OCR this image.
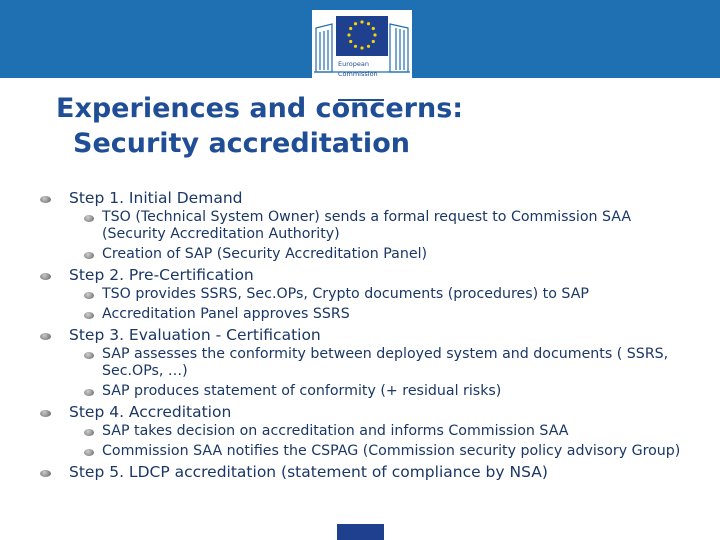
European
Commission
Experiences and concerns:
Security accreditation
Step 1. Initial Demand
TSO (Technical System Owner) sends a formal request to Commission SAA (Security Accreditation Authority)
Creation of SAP (Security Accreditation Panel)
Step 2. Pre-Certification
TSO provides SSRS, Sec.OPs, Crypto documents (procedures) to SAP
Accreditation Panel approves SSRS
Step 3. Evaluation - Certification
SAP assesses the conformity between deployed system and documents ( SSRS, Sec.OPs, …)
SAP produces statement of conformity (+ residual risks)
Step 4. Accreditation
SAP takes decision on accreditation and informs Commission SAA
Commission SAA notifies the CSPAG (Commission security policy advisory Group)
Step 5. LDCP accreditation (statement of compliance by NSA)
